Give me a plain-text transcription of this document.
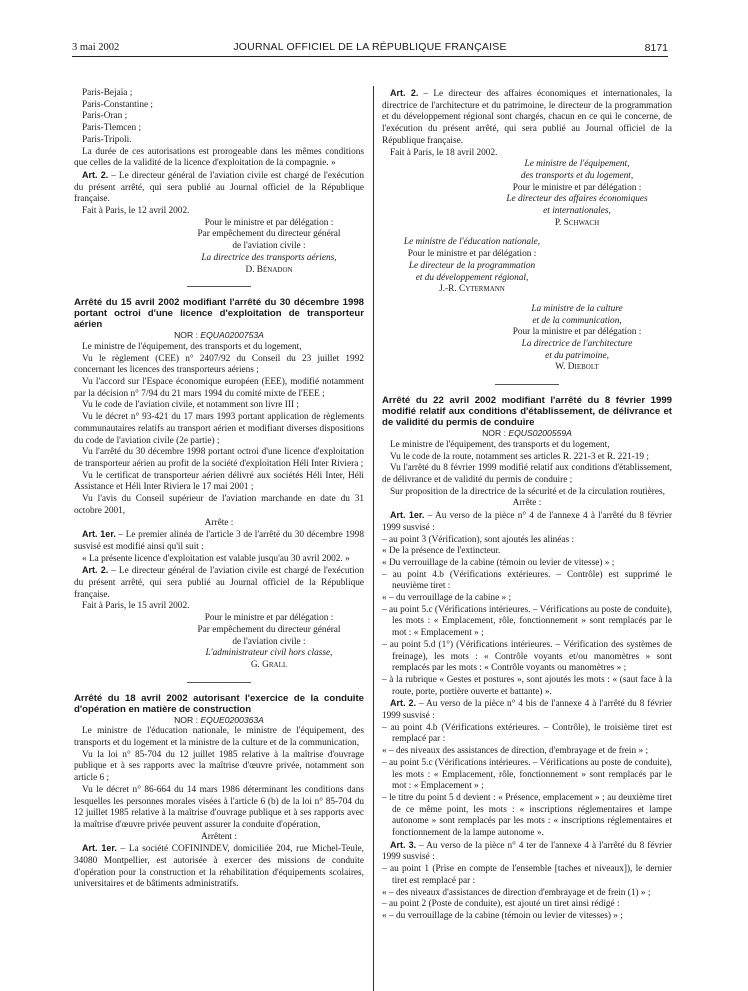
3 mai 2002	JOURNAL OFFICIEL DE LA RÉPUBLIQUE FRANÇAISE	8171

Paris-Bejaïa ;

Paris-Constantine ;

Paris-Oran ;

Paris-Tlemcen ;

Paris-Tripoli.

La durée de ces autorisations est prorogeable dans les mêmes conditions que celles de la validité de la licence d'exploitation de la compagnie. »

Art. 2. – Le directeur général de l'aviation civile est chargé de l'exécution du présent arrêté, qui sera publié au Journal officiel de la République française.

Fait à Paris, le 12 avril 2002.

Pour le ministre et par délégation :

Par empêchement du directeur général

de l'aviation civile :

La directrice des transports aériens,

D. Bénadon

Arrêté du 15 avril 2002 modifiant l'arrêté du 30 décembre 1998 portant octroi d'une licence d'exploitation de transporteur aérien

NOR : EQUA0200753A

Le ministre de l'équipement, des transports et du logement,

Vu le règlement (CEE) n° 2407/92 du Conseil du 23 juillet 1992 concernant les licences des transporteurs aériens ;

Vu l'accord sur l'Espace économique européen (EEE), modifié notamment par la décision n° 7/94 du 21 mars 1994 du comité mixte de l'EEE ;

Vu le code de l'aviation civile, et notamment son livre III ;

Vu le décret n° 93-421 du 17 mars 1993 portant application de règlements communautaires relatifs au transport aérien et modifiant diverses dispositions du code de l'aviation civile (2e partie) ;

Vu l'arrêté du 30 décembre 1998 portant octroi d'une licence d'exploitation de transporteur aérien au profit de la société d'exploitation Héli Inter Riviera ;

Vu le certificat de transporteur aérien délivré aux sociétés Héli Inter, Héli Assistance et Héli Inter Riviera le 17 mai 2001 ;

Vu l'avis du Conseil supérieur de l'aviation marchande en date du 31 octobre 2001,

Arrête :

Art. 1er. – Le premier alinéa de l'article 3 de l'arrêté du 30 décembre 1998 susvisé est modifié ainsi qu'il suit :

« La présente licence d'exploitation est valable jusqu'au 30 avril 2002. »

Art. 2. – Le directeur général de l'aviation civile est chargé de l'exécution du présent arrêté, qui sera publié au Journal officiel de la République française.

Fait à Paris, le 15 avril 2002.

Pour le ministre et par délégation :

Par empêchement du directeur général

de l'aviation civile :

L'administrateur civil hors classe,

G. Grall

Arrêté du 18 avril 2002 autorisant l'exercice de la conduite d'opération en matière de construction

NOR : EQUE0200363A

Le ministre de l'éducation nationale, le ministre de l'équipement, des transports et du logement et la ministre de la culture et de la communication,

Vu la loi n° 85-704 du 12 juillet 1985 relative à la maîtrise d'ouvrage publique et à ses rapports avec la maîtrise d'œuvre privée, notamment son article 6 ;

Vu le décret n° 86-664 du 14 mars 1986 déterminant les conditions dans lesquelles les personnes morales visées à l'article 6 (b) de la loi n° 85-704 du 12 juillet 1985 relative à la maîtrise d'ouvrage publique et à ses rapports avec la maîtrise d'œuvre privée peuvent assurer la conduite d'opération,

Arrêtent :

Art. 1er. – La société COFININDEV, domiciliée 204, rue Michel-Teule, 34080 Montpellier, est autorisée à exercer des missions de conduite d'opération pour la construction et la réhabilitation d'équipements scolaires, universitaires et de bâtiments administratifs.

Art. 2. – Le directeur des affaires économiques et internationales, la directrice de l'architecture et du patrimoine, le directeur de la programmation et du développement régional sont chargés, chacun en ce qui le concerne, de l'exécution du présent arrêté, qui sera publié au Journal officiel de la République française.

Fait à Paris, le 18 avril 2002.

Le ministre de l'équipement,

des transports et du logement,

Pour le ministre et par délégation :

Le directeur des affaires économiques

et internationales,

P. Schwach

Le ministre de l'éducation nationale,

Pour le ministre et par délégation :

Le directeur de la programmation

et du développement régional,

J.-R. Cytermann

La ministre de la culture

et de la communication,

Pour la ministre et par délégation :

La directrice de l'architecture

et du patrimoine,

W. Diebolt

Arrêté du 22 avril 2002 modifiant l'arrêté du 8 février 1999 modifié relatif aux conditions d'établissement, de délivrance et de validité du permis de conduire

NOR : EQUS0200559A

Le ministre de l'équipement, des transports et du logement,

Vu le code de la route, notamment ses articles R. 221-3 et R. 221-19 ;

Vu l'arrêté du 8 février 1999 modifié relatif aux conditions d'établissement, de délivrance et de validité du permis de conduire ;

Sur proposition de la directrice de la sécurité et de la circulation routières,

Arrête :

Art. 1er. – Au verso de la pièce n° 4 de l'annexe 4 à l'arrêté du 8 février 1999 susvisé :

– au point 3 (Vérification), sont ajoutés les alinéas :

« De la présence de l'extincteur.

« Du verrouillage de la cabine (témoin ou levier de vitesse) » ;

– au point 4.b (Vérifications extérieures. – Contrôle) est supprimé le neuvième tiret :

« – du verrouillage de la cabine » ;

– au point 5.c (Vérifications intérieures. – Vérifications au poste de conduite), les mots : « Emplacement, rôle, fonctionnement » sont remplacés par le mot : « Emplacement » ;

– au point 5.d (1°) (Vérifications intérieures. – Vérification des systèmes de freinage), les mots : « Contrôle voyants et/ou manomètres » sont remplacés par les mots : « Contrôle voyants ou manomètres » ;

– à la rubrique « Gestes et postures », sont ajoutés les mots : « (saut face à la route, porte, portière ouverte et battante) ».

Art. 2. – Au verso de la pièce n° 4 bis de l'annexe 4 à l'arrêté du 8 février 1999 susvisé :

– au point 4.b (Vérifications extérieures. – Contrôle), le troisième tiret est remplacé par :

« – des niveaux des assistances de direction, d'embrayage et de frein » ;

– au point 5.c (Vérifications intérieures. – Vérifications au poste de conduite), les mots : « Emplacement, rôle, fonctionnement » sont remplacés par le mot : « Emplacement » ;

– le titre du point 5 d devient : « Présence, emplacement » ; au deuxième tiret de ce même point, les mots : « inscriptions réglementaires et lampe autonome » sont remplacés par les mots : « inscriptions réglementaires et fonctionnement de la lampe autonome ».

Art. 3. – Au verso de la pièce n° 4 ter de l'annexe 4 à l'arrêté du 8 février 1999 susvisé :

– au point 1 (Prise en compte de l'ensemble [taches et niveaux]), le dernier tiret est remplacé par :

« – des niveaux d'assistances de direction d'embrayage et de frein (1) » ;

– au point 2 (Poste de conduite), est ajouté un tiret ainsi rédigé :

« – du verrouillage de la cabine (témoin ou levier de vitesses) » ;
